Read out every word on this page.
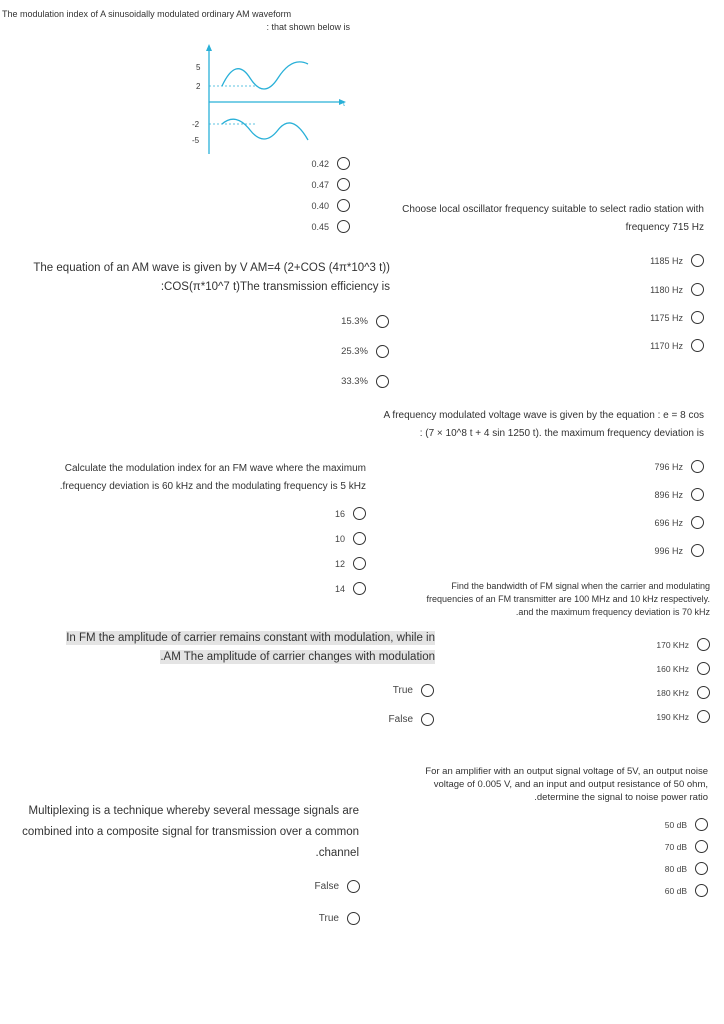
The modulation index of A sinusoidally modulated ordinary AM waveform
: that shown below is
t
5
2
-2
-5
0.42
0.47
0.40
0.45
Choose local oscillator frequency suitable to select radio station with
frequency 715 Hz
1185 Hz
1180 Hz
1175 Hz
1170 Hz
The equation of an AM wave is given by V AM=4 (2+COS (4π*10^3 t))
:COS(π*10^7 t)The transmission efficiency is
15.3%
25.3%
33.3%
A frequency modulated voltage wave is given by the equation : e = 8 cos
: (7 × 10^8 t + 4 sin 1250 t). the maximum frequency deviation is
796 Hz
896 Hz
696 Hz
996 Hz
Calculate the modulation index for an FM wave where the maximum
.frequency deviation is 60 kHz and the modulating frequency is 5 kHz
16
10
12
14	Find the bandwidth of FM signal when the carrier and modulating
frequencies of an FM transmitter are 100 MHz and 10 kHz respectively.
.and the maximum frequency deviation is 70 kHz
170 KHz
160 KHz
180 KHz
190 KHz
In FM the amplitude of carrier remains constant with modulation, while in
.AM The amplitude of carrier changes with modulation
True
False
For an amplifier with an output signal voltage of 5V, an output noise
voltage of 0.005 V, and an input and output resistance of 50 ohm,
.determine the signal to noise power ratio
50 dB
70 dB
80 dB
60 dB
Multiplexing is a technique whereby several message signals are
combined into a composite signal for transmission over a common
.channel
False
True
